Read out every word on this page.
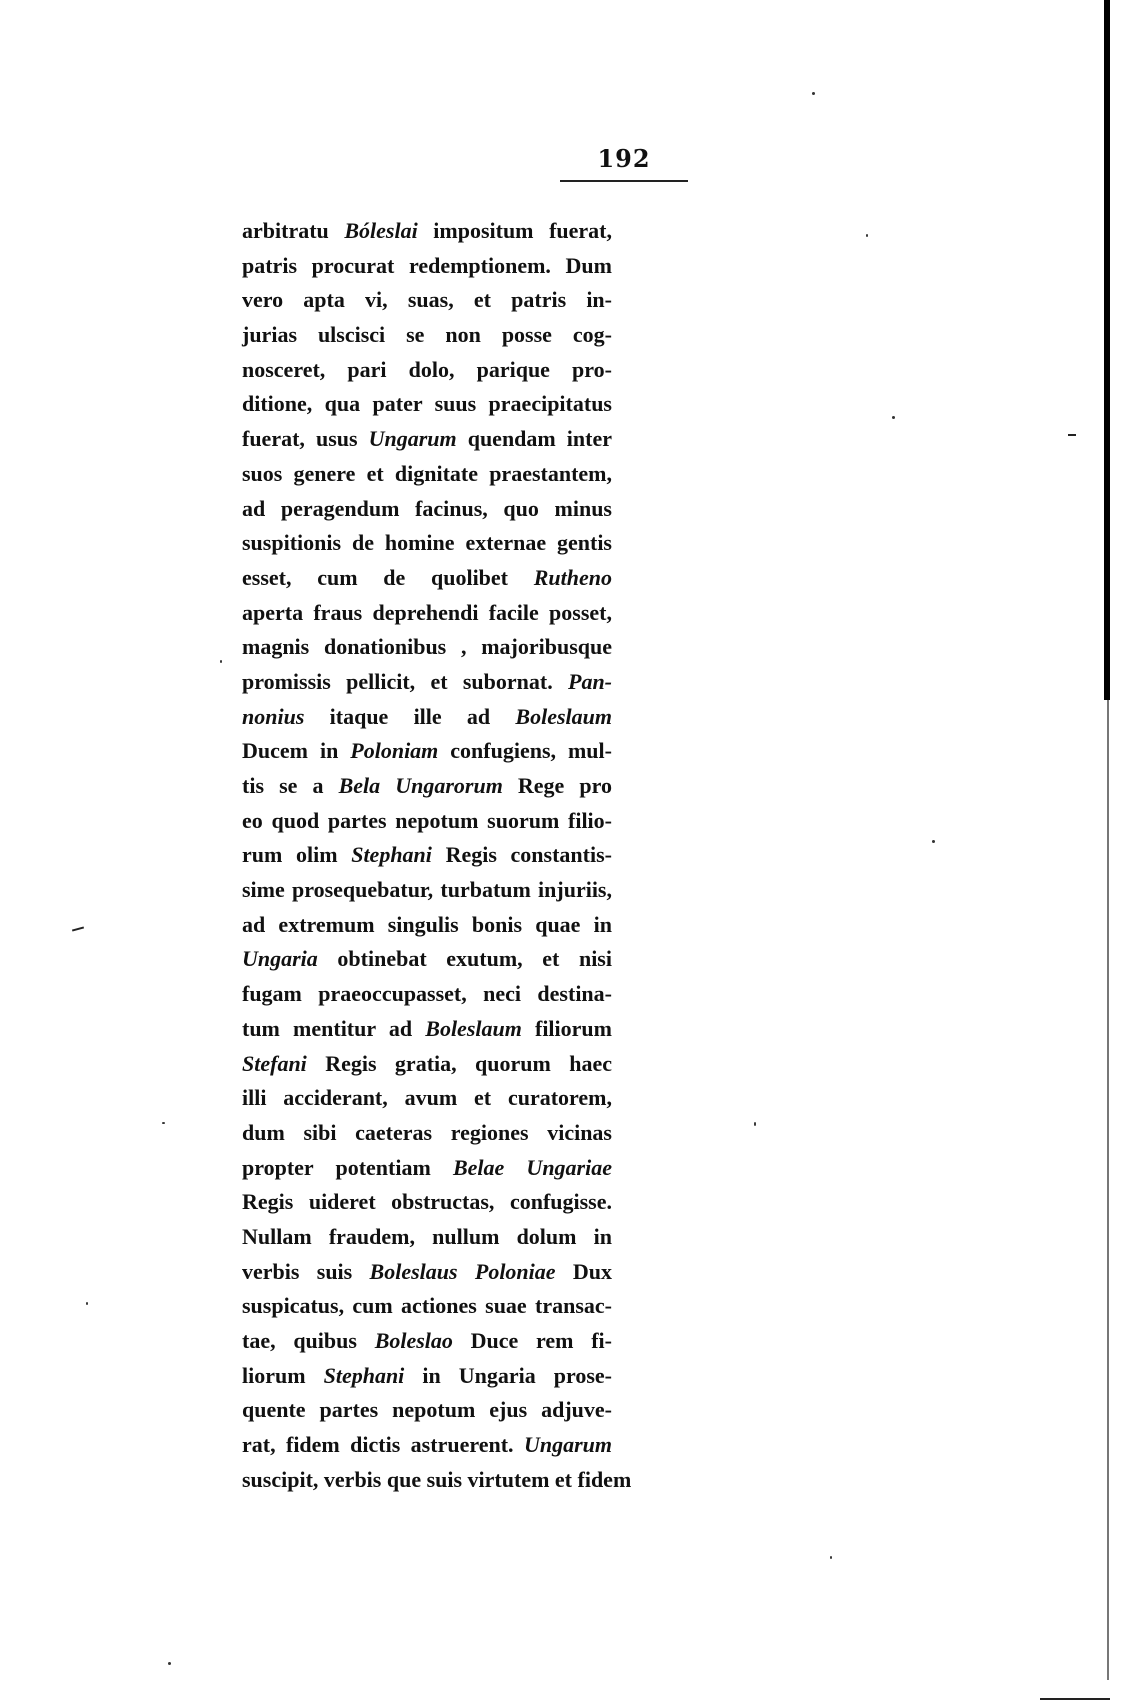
192
arbitratu Bóleslai impositum fuerat,
patris procurat redemptionem. Dum
vero apta vi, suas, et patris in-
jurias ulscisci se non posse cog-
nosceret, pari dolo, parique pro-
ditione, qua pater suus praecipitatus
fuerat, usus Ungarum quendam inter
suos genere et dignitate praestantem,
ad peragendum facinus, quo minus
suspitionis de homine externae gentis
esset, cum de quolibet Rutheno
aperta fraus deprehendi facile posset,
magnis donationibus , majoribusque
promissis pellicit, et subornat. Pan-
nonius itaque ille ad Boleslaum
Ducem in Poloniam confugiens, mul-
tis se a Bela Ungarorum Rege pro
eo quod partes nepotum suorum filio-
rum olim Stephani Regis constantis-
sime prosequebatur, turbatum injuriis,
ad extremum singulis bonis quae in
Ungaria obtinebat exutum, et nisi
fugam praeoccupasset, neci destina-
tum mentitur ad Boleslaum filiorum
Stefani Regis gratia, quorum haec
illi acciderant, avum et curatorem,
dum sibi caeteras regiones vicinas
propter potentiam Belae Ungariae
Regis uideret obstructas, confugisse.
Nullam fraudem, nullum dolum in
verbis suis Boleslaus Poloniae Dux
suspicatus, cum actiones suae transac-
tae, quibus Boleslao Duce rem fi-
liorum Stephani in Ungaria prose-
quente partes nepotum ejus adjuve-
rat, fidem dictis astruerent. Ungarum
suscipit, verbis que suis virtutem et fidem
